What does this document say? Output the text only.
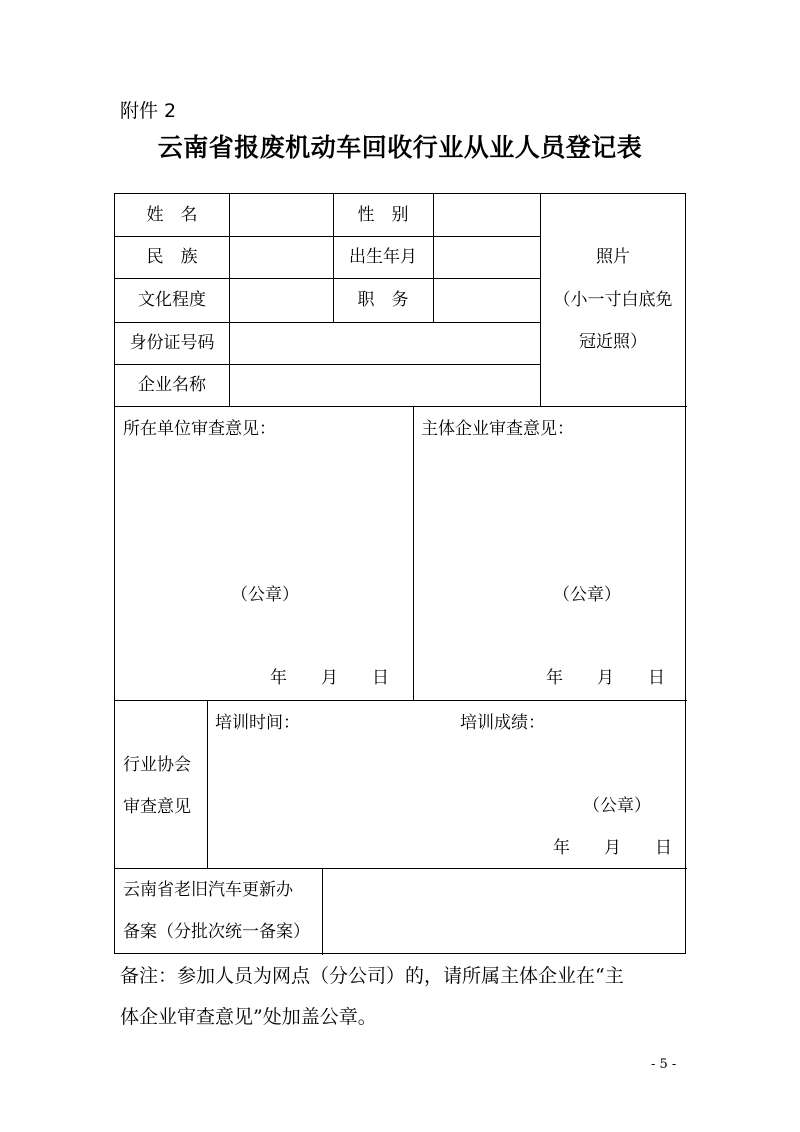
附件 2
云南省报废机动车回收行业从业人员登记表
姓　名	性　别
民　族	出生年月
文化程度	职　务
身份证号码
企业名称
照片
（小一寸白底免
冠近照）
所在单位审查意见：	主体企业审查意见：
（公章）	（公章）
年　　月　　日	年　　月　　日
行业协会
审查意见
培训时间：	培训成绩：
（公章）
年　　月　　日
云南省老旧汽车更新办
备案（分批次统一备案）
备注：参加人员为网点（分公司）的，请所属主体企业在“主
体企业审查意见”处加盖公章。
- 5 -
